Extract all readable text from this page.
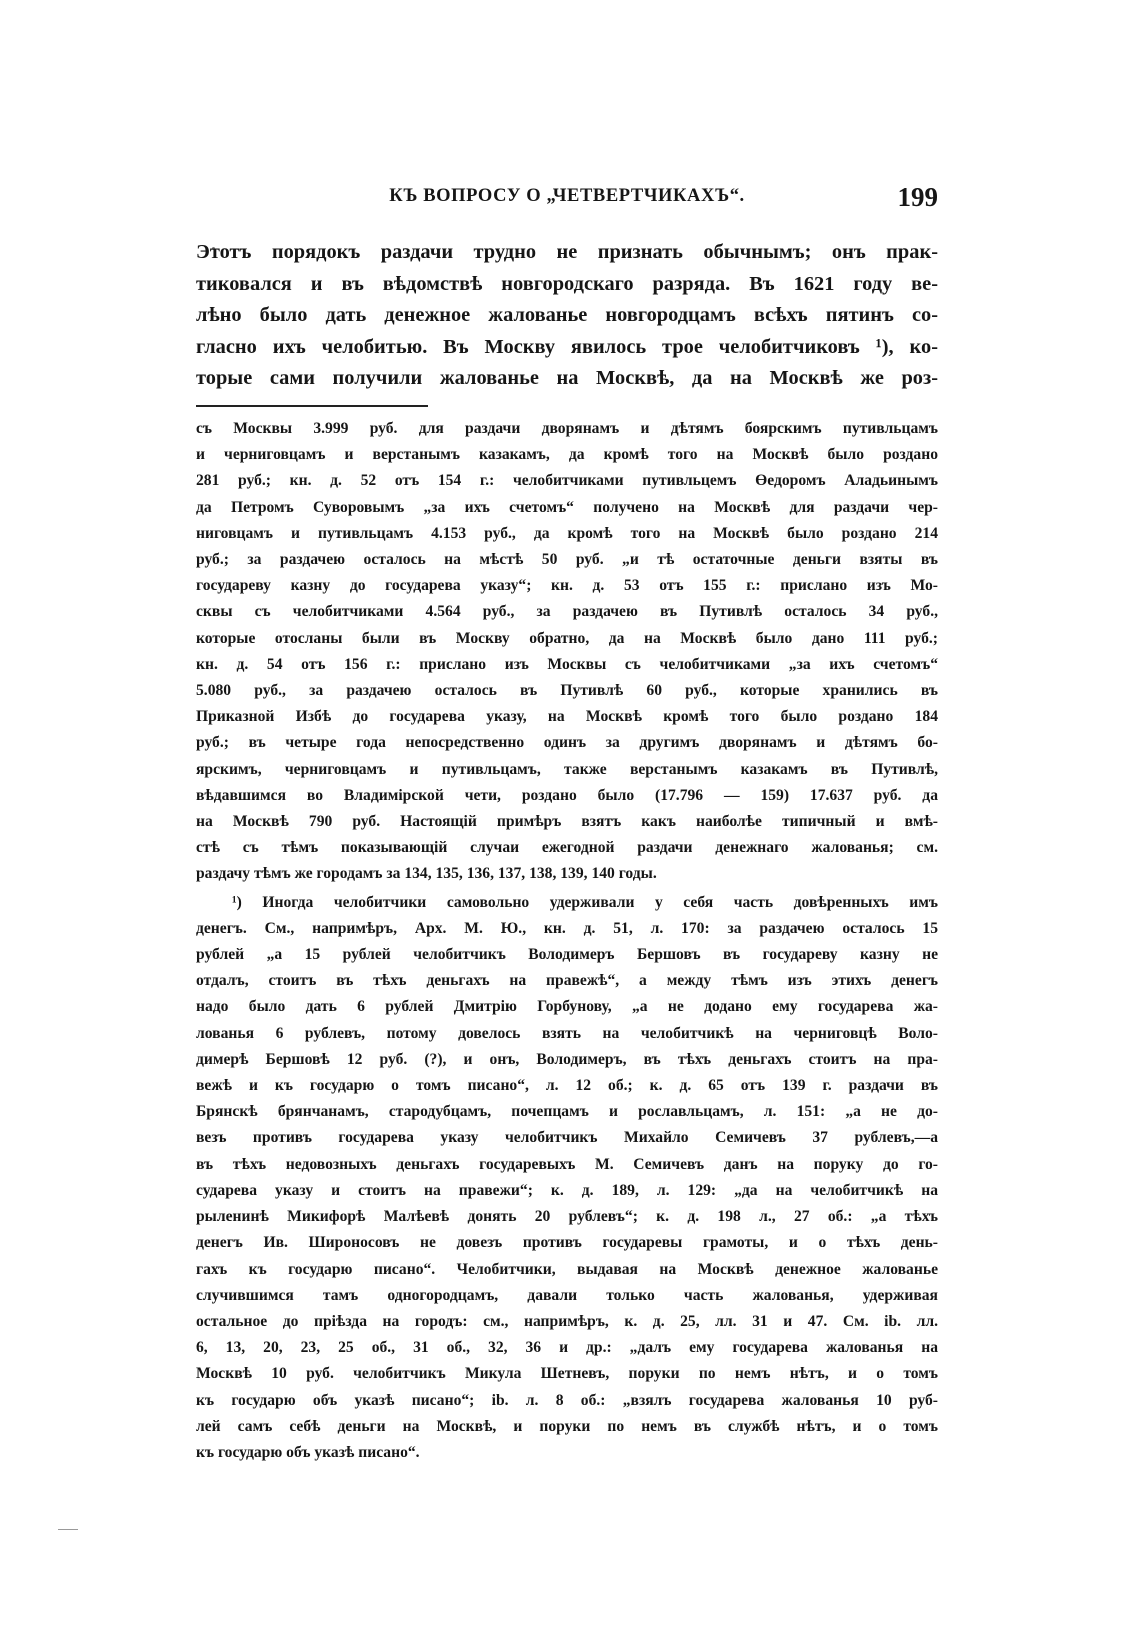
КЪ ВОПРОСУ О „ЧЕТВЕРТЧИКАХЪ“.	199
Этотъ порядокъ раздачи трудно не признать обычнымъ; онъ прак-
тиковался и въ вѣдомствѣ новгородскаго разряда. Въ 1621 году ве-
лѣно было дать денежное жалованье новгородцамъ всѣхъ пятинъ со-
гласно ихъ челобитью. Въ Москву явилось трое челобитчиковъ ¹), ко-
торые сами получили жалованье на Москвѣ, да на Москвѣ же роз-
съ Москвы 3.999 руб. для раздачи дворянамъ и дѣтямъ боярскимъ путивльцамъ
и черниговцамъ и верстанымъ казакамъ, да кромѣ того на Москвѣ было роздано
281 руб.; кн. д. 52 отъ 154 г.: челобитчиками путивльцемъ Өедоромъ Аладьинымъ
да Петромъ Суворовымъ „за ихъ счетомъ“ получено на Москвѣ для раздачи чер-
ниговцамъ и путивльцамъ 4.153 руб., да кромѣ того на Москвѣ было роздано 214
руб.; за раздачею осталось на мѣстѣ 50 руб. „и тѣ остаточные деньги взяты въ
государеву казну до государева указу“; кн. д. 53 отъ 155 г.: прислано изъ Мо-
сквы съ челобитчиками 4.564 руб., за раздачею въ Путивлѣ осталось 34 руб.,
которые отосланы были въ Москву обратно, да на Москвѣ было дано 111 руб.;
кн. д. 54 отъ 156 г.: прислано изъ Москвы съ челобитчиками „за ихъ счетомъ“
5.080 руб., за раздачею осталось въ Путивлѣ 60 руб., которые хранились въ
Приказной Избѣ до государева указу, на Москвѣ кромѣ того было роздано 184
руб.; въ четыре года непосредственно одинъ за другимъ дворянамъ и дѣтямъ бо-
ярскимъ, черниговцамъ и путивльцамъ, также верстанымъ казакамъ въ Путивлѣ,
вѣдавшимся во Владимірской чети, роздано было (17.796 — 159) 17.637 руб. да
на Москвѣ 790 руб. Настоящій примѣръ взятъ какъ наиболѣе типичный и вмѣ-
стѣ съ тѣмъ показывающій случаи ежегодной раздачи денежнаго жалованья; см.
раздачу тѣмъ же городамъ за 134, 135, 136, 137, 138, 139, 140 годы.
¹) Иногда челобитчики самовольно удерживали у себя часть довѣренныхъ имъ
денегъ. См., напримѣръ, Арх. М. Ю., кн. д. 51, л. 170: за раздачею осталось 15
рублей „а 15 рублей челобитчикъ Володимеръ Бершовъ въ государеву казну не
отдалъ, стоитъ въ тѣхъ деньгахъ на правежѣ“, а между тѣмъ изъ этихъ денегъ
надо было дать 6 рублей Дмитрію Горбунову, „а не додано ему государева жа-
лованья 6 рублевъ, потому довелось взять на челобитчикѣ на черниговцѣ Воло-
димерѣ Бершовѣ 12 руб. (?), и онъ, Володимеръ, въ тѣхъ деньгахъ стоитъ на пра-
вежѣ и къ государю о томъ писано“, л. 12 об.; к. д. 65 отъ 139 г. раздачи въ
Брянскѣ брянчанамъ, стародубцамъ, почепцамъ и рославльцамъ, л. 151: „а не до-
везъ противъ государева указу челобитчикъ Михайло Семичевъ 37 рублевъ,—а
въ тѣхъ недовозныхъ деньгахъ государевыхъ М. Семичевъ данъ на поруку до го-
сударева указу и стоитъ на правежи“; к. д. 189, л. 129: „да на челобитчикѣ на
рыленинѣ Микифорѣ Малѣевѣ донять 20 рублевъ“; к. д. 198 л., 27 об.: „а тѣхъ
денегъ Ив. Широносовъ не довезъ противъ государевы грамоты, и о тѣхъ день-
гахъ къ государю писано“. Челобитчики, выдавая на Москвѣ денежное жалованье
случившимся тамъ одногородцамъ, давали только часть жалованья, удерживая
остальное до пріѣзда на городъ: см., напримѣръ, к. д. 25, лл. 31 и 47. См. ib. лл.
6, 13, 20, 23, 25 об., 31 об., 32, 36 и др.: „далъ ему государева жалованья на
Москвѣ 10 руб. челобитчикъ Микула Шетневъ, поруки по немъ нѣтъ, и о томъ
къ государю объ указѣ писано“; ib. л. 8 об.: „взялъ государева жалованья 10 руб-
лей самъ себѣ деньги на Москвѣ, и поруки по немъ въ службѣ нѣтъ, и о томъ
къ государю объ указѣ писано“.
